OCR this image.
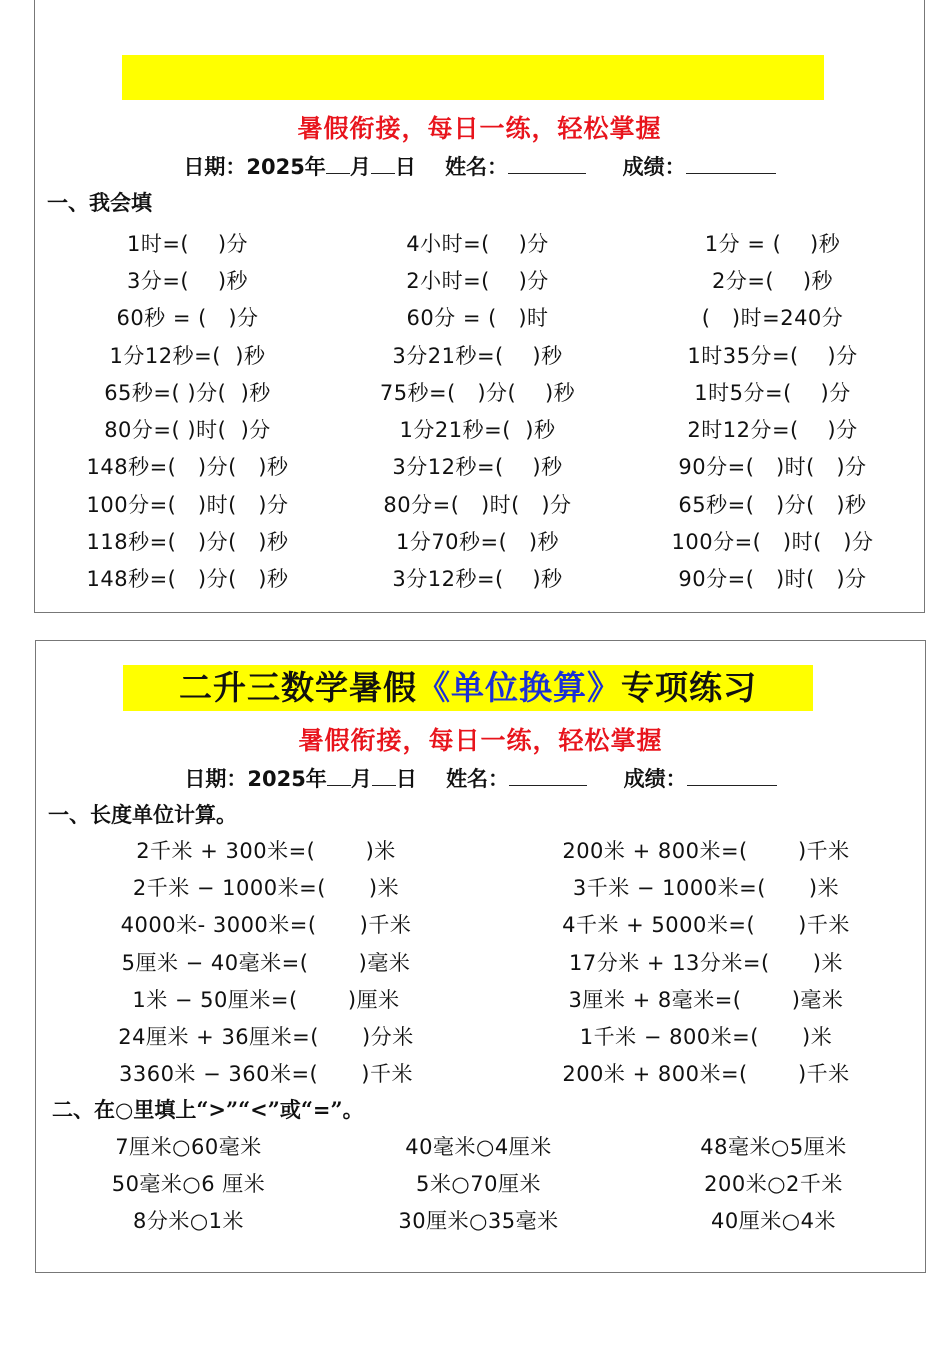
暑假衔接，每日一练，轻松掌握
日期：2025年 月 日 姓名：	成绩：
一、我会填
1时=(    )分	4小时=(    )分	1分 = (    )秒
3分=(    )秒	2小时=(    )分	2分=(    )秒
60秒 = (   )分	60分 = (   )时	(   )时=240分
1分12秒=(  )秒	3分21秒=(    )秒	1时35分=(    )分
65秒=( )分(  )秒	75秒=(   )分(    )秒	1时5分=(    )分
80分=( )时(  )分	1分21秒=(  )秒	2时12分=(    )分
148秒=(   )分(   )秒	3分12秒=(    )秒	90分=(   )时(   )分
100分=(   )时(   )分	80分=(   )时(   )分	65秒=(   )分(   )秒
118秒=(   )分(   )秒	1分70秒=(   )秒	100分=(   )时(   )分
148秒=(   )分(   )秒	3分12秒=(    )秒	90分=(   )时(   )分
二升三数学暑假《单位换算》专项练习
暑假衔接，每日一练，轻松掌握
日期：2025年 月 日 姓名：	成绩：
一、长度单位计算。
2千米 + 300米=(       )米	200米 + 800米=(       )千米
2千米 − 1000米=(      )米	3千米 − 1000米=(      )米
4000米- 3000米=(      )千米	4千米 + 5000米=(      )千米
5厘米 − 40毫米=(       )毫米	17分米 + 13分米=(      )米
1米 − 50厘米=(       )厘米	3厘米 + 8毫米=(       )毫米
24厘米 + 36厘米=(      )分米	1千米 − 800米=(      )米
3360米 − 360米=(      )千米	200米 + 800米=(       )千米
二、在○里填上“>”“<”或“=”。
7厘米○60毫米	40毫米○4厘米	48毫米○5厘米
50毫米○6 厘米	5米○70厘米	200米○2千米
8分米○1米	30厘米○35毫米	40厘米○4米
